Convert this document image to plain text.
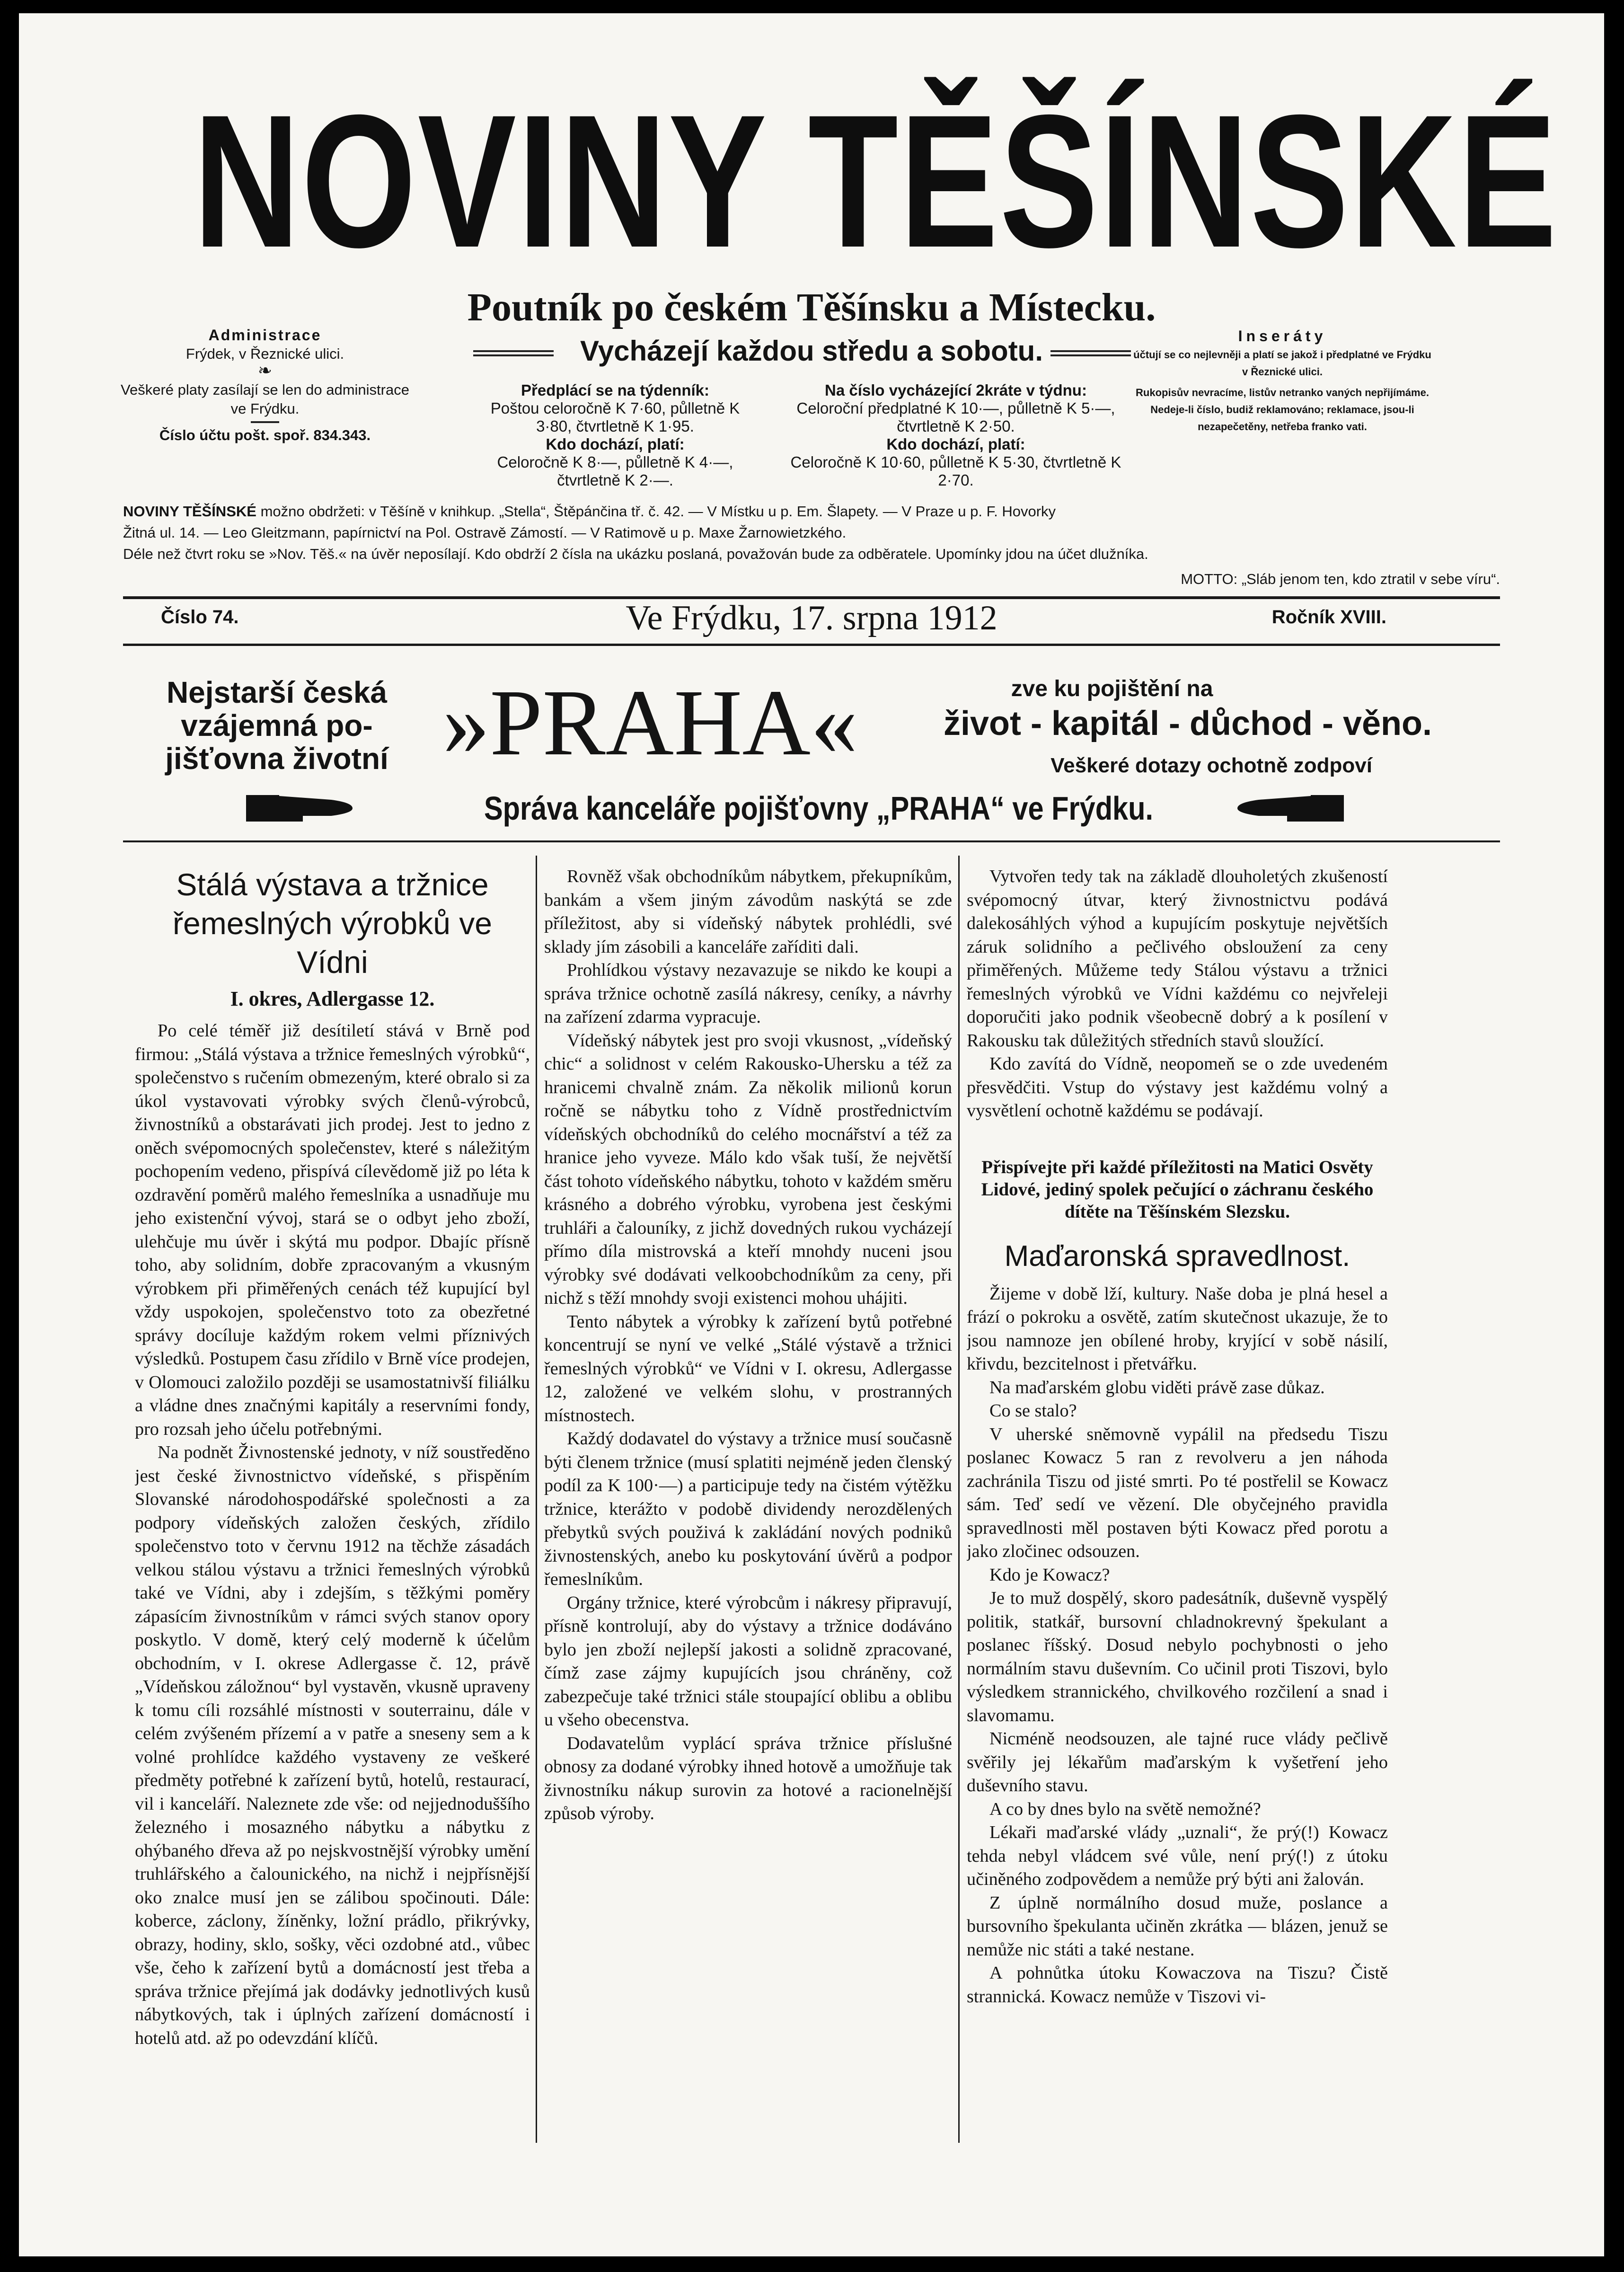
NOVINY TĚŠÍNSKÉ
Poutník po českém Těšínsku a Místecku.
Vycházejí každou středu a sobotu.
Administrace
Frýdek, v Řeznické ulici.
❧
Veškeré platy zasílají se len do administrace ve Frýdku.
Číslo účtu pošt. spoř. 834.343.
Předplácí se na týdenník:
Poštou celoročně K 7·60, půlletně K 3·80, čtvrtletně K 1·95.
Kdo dochází, platí:
Celoročně K 8·—, půlletně K 4·—, čtvrtletně K 2·—.
Na číslo vycházející 2kráte v týdnu:
Celoroční předplatné K 10·—, půlletně K 5·—, čtvrtletně K 2·50.
Kdo dochází, platí:
Celoročně K 10·60, půlletně K 5·30, čtvrtletně K 2·70.
Inseráty
účtují se co nejlevněji a platí se jakož i předplatné ve Frýdku v Řeznické ulici.
Rukopisův nevracíme, listův netranko vaných nepřijímáme. Nedeje-li číslo, budiž reklamováno; reklamace, jsou-li nezapečetěny, netřeba franko vati.
NOVINY TĚŠÍNSKÉ možno obdržeti: v Těšíně v knihkup. „Stella“, Štěpánčina tř. č. 42. — V Místku u p. Em. Šlapety. — V Praze u p. F. Hovorky
Žitná ul. 14. — Leo Gleitzmann, papírnictví na Pol. Ostravě Zámostí. — V Ratimově u p. Maxe Žarnowietzkého.
Déle než čtvrt roku se »Nov. Těš.« na úvěr neposílají. Kdo obdrží 2 čísla na ukázku poslaná, považován bude za odběratele. Upomínky jdou na účet dlužníka.
MOTTO: „Sláb jenom ten, kdo ztratil v sebe víru“.
Číslo 74.	Ve Frýdku, 17. srpna 1912	Ročník XVIII.
Nejstarší česká vzájemná po- jišťovna životní »PRAHA«	zve ku pojištění na
život - kapitál - důchod - věno.
Veškeré dotazy ochotně zodpoví
Správa kanceláře pojišťovny „PRAHA“ ve Frýdku.
Stálá výstava a tržnice řemeslných výrobků ve Vídni
I. okres, Adlergasse 12.

Po celé téměř již desítiletí stává v Brně pod firmou: „Stálá výstava a tržnice řemeslných výrobků“, společenstvo s ručením obmezeným, které obralo si za úkol vystavovati výrobky svých členů-výrobců, živnostníků a obstarávati jich prodej. Jest to jedno z oněch svépomocných společenstev, které s náležitým pochopením vedeno, přispívá cílevědomě již po léta k ozdravění poměrů malého řemeslníka a usnadňuje mu jeho existenční vývoj, stará se o odbyt jeho zboží, ulehčuje mu úvěr i skýtá mu podpor. Dbajíc přísně toho, aby solidním, dobře zpracovaným a vkusným výrobkem při přiměřených cenách též kupující byl vždy uspokojen, společenstvo toto za obezřetné správy docíluje každým rokem velmi příznivých výsledků. Postupem času zřídilo v Brně více prodejen, v Olomouci založilo později se usamostatnivší filiálku a vládne dnes značnými kapitály a reservními fondy, pro rozsah jeho účelu potřebnými.

Na podnět Živnostenské jednoty, v níž soustředěno jest české živnostnictvo vídeňské, s přispěním Slovanské národohospodářské společnosti a za podpory vídeňských založen českých, zřídilo společenstvo toto v červnu 1912 na těchže zásadách velkou stálou výstavu a tržnici řemeslných výrobků také ve Vídni, aby i zdejším, s těžkými poměry zápasícím živnostníkům v rámci svých stanov opory poskytlo. V domě, který celý moderně k účelům obchodním, v I. okrese Adlergasse č. 12, právě „Vídeňskou záložnou“ byl vystavěn, vkusně upraveny k tomu cíli rozsáhlé místnosti v souterrainu, dále v celém zvýšeném přízemí a v patře a sneseny sem a k volné prohlídce každého vystaveny ze veškeré předměty potřebné k zařízení bytů, hotelů, restaurací, vil i kanceláří. Naleznete zde vše: od nejjednoduššího železného i mosazného nábytku a nábytku z ohýbaného dřeva až po nejskvostnější výrobky umění truhlářského a čalounického, na nichž i nejpřísnější oko znalce musí jen se zálibou spočinouti. Dále: koberce, záclony, žíněnky, ložní prádlo, přikrývky, obrazy, hodiny, sklo, sošky, věci ozdobné atd., vůbec vše, čeho k zařízení bytů a domácností jest třeba a správa tržnice přejímá jak dodávky jednotlivých kusů nábytkových, tak i úplných zařízení domácností i hotelů atd. až po odevzdání klíčů.

Rovněž však obchodníkům nábytkem, překupníkům, bankám a všem jiným závodům naskýtá se zde příležitost, aby si vídeňský nábytek prohlédli, své sklady jím zásobili a kanceláře zaříditi dali.

Prohlídkou výstavy nezavazuje se nikdo ke koupi a správa tržnice ochotně zasílá nákresy, ceníky, a návrhy na zařízení zdarma vypracuje.

Vídeňský nábytek jest pro svoji vkusnost, „vídeňský chic“ a solidnost v celém Rakousko-Uhersku a též za hranicemi chvalně znám. Za několik milionů korun ročně se nábytku toho z Vídně prostřednictvím vídeňských obchodníků do celého mocnářství a též za hranice jeho vyveze. Málo kdo však tuší, že největší část tohoto vídeňského nábytku, tohoto v každém směru krásného a dobrého výrobku, vyrobena jest českými truhláři a čalouníky, z jichž dovedných rukou vycházejí přímo díla mistrovská a kteří mnohdy nuceni jsou výrobky své dodávati velkoobchodníkům za ceny, při nichž s těží mnohdy svoji existenci mohou uhájiti.

Tento nábytek a výrobky k zařízení bytů potřebné koncentrují se nyní ve velké „Stálé výstavě a tržnici řemeslných výrobků“ ve Vídni v I. okresu, Adlergasse 12, založené ve velkém slohu, v prostranných místnostech.

Každý dodavatel do výstavy a tržnice musí současně býti členem tržnice (musí splatiti nejméně jeden členský podíl za K 100·—) a participuje tedy na čistém výtěžku tržnice, kterážto v podobě dividendy nerozdělených přebytků svých použivá k zakládání nových podniků živnostenských, anebo ku poskytování úvěrů a podpor řemeslníkům.

Orgány tržnice, které výrobcům i nákresy připravují, přísně kontrolují, aby do výstavy a tržnice dodáváno bylo jen zboží nejlepší jakosti a solidně zpracované, čímž zase zájmy kupujících jsou chráněny, což zabezpečuje také tržnici stále stoupající oblibu a oblibu u všeho obecenstva.

Dodavatelům vyplácí správa tržnice příslušné obnosy za dodané výrobky ihned hotově a umožňuje tak živnostníku nákup surovin za hotové a racionelnější způsob výroby.

Vytvořen tedy tak na základě dlouholetých zkušeností svépomocný útvar, který živnostnictvu podává dalekosáhlých výhod a kupujícím poskytuje největších záruk solidního a pečlivého obsloužení za ceny přiměřených. Můžeme tedy Stálou výstavu a tržnici řemeslných výrobků ve Vídni každému co nejvřeleji doporučiti jako podnik všeobecně dobrý a k posílení v Rakousku tak důležitých středních stavů sloužící.

Kdo zavítá do Vídně, neopomeň se o zde uvedeném přesvědčiti. Vstup do výstavy jest každému volný a vysvětlení ochotně každému se podávají.

Přispívejte při každé příležitosti na Matici Osvěty Lidové, jediný spolek pečující o záchranu českého dítěte na Těšínském Slezsku.
Maďaronská spravedlnost.

Žijeme v době lží, kultury. Naše doba je plná hesel a frází o pokroku a osvětě, zatím skutečnost ukazuje, že to jsou namnoze jen obílené hroby, kryjící v sobě násilí, křivdu, bezcitelnost i přetvářku.

Na maďarském globu viděti právě zase důkaz.

Co se stalo?

V uherské sněmovně vypálil na předsedu Tiszu poslanec Kowacz 5 ran z revolveru a jen náhoda zachránila Tiszu od jisté smrti. Po té postřelil se Kowacz sám. Teď sedí ve vězení. Dle obyčejného pravidla spravedlnosti měl postaven býti Kowacz před porotu a jako zločinec odsouzen.

Kdo je Kowacz?

Je to muž dospělý, skoro padesátník, duševně vyspělý politik, statkář, bursovní chladnokrevný špekulant a poslanec říšský. Dosud nebylo pochybnosti o jeho normálním stavu duševním. Co učinil proti Tiszovi, bylo výsledkem strannického, chvilkového rozčilení a snad i slavomamu.

Nicméně neodsouzen, ale tajné ruce vlády pečlivě svěřily jej lékařům maďarským k vyšetření jeho duševního stavu.

A co by dnes bylo na světě nemožné?

Lékaři maďarské vlády „uznali“, že prý(!) Kowacz tehda nebyl vládcem své vůle, není prý(!) z útoku učiněného zodpovědem a nemůže prý býti ani žalován.

Z úplně normálního dosud muže, poslance a bursovního špekulanta učiněn zkrátka — blázen, jenuž se nemůže nic státi a také nestane.

A pohnůtka útoku Kowaczova na Tiszu? Čistě strannická. Kowacz nemůže v Tiszovi vi-
